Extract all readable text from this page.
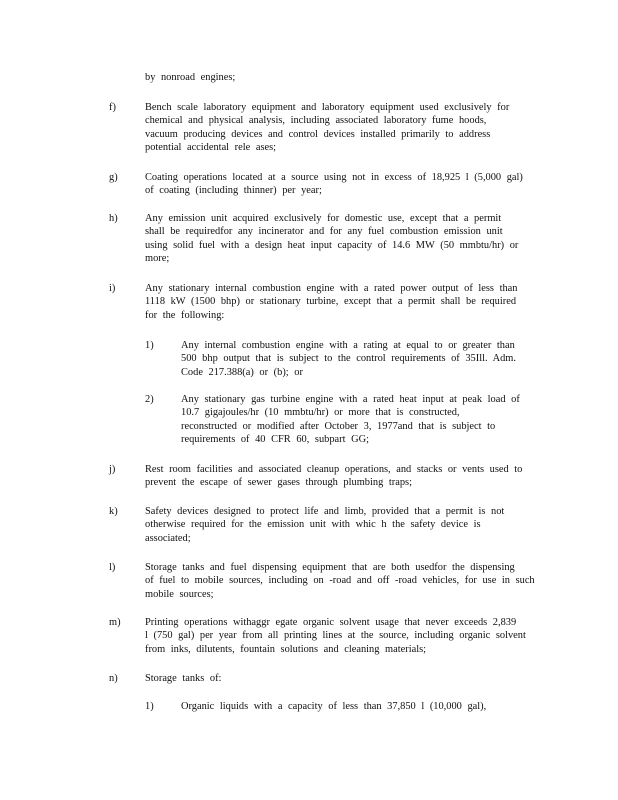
by nonroad engines;
f)	Bench scale laboratory equipment and laboratory equipment used exclusively for
chemical and physical analysis, including associated laboratory fume hoods,
vacuum producing devices and control devices installed primarily to address
potential accidental rele ases;
g)	Coating operations located at a source using not in excess of 18,925 l (5,000 gal)
of coating (including thinner) per year;
h)	Any emission unit acquired exclusively for domestic use, except that a permit
shall be requiredfor any incinerator and for any fuel combustion emission unit
using solid fuel with a design heat input capacity of 14.6 MW (50 mmbtu/hr) or
more;
i)	Any stationary internal combustion engine with a rated power output of less than
1118 kW (1500 bhp) or stationary turbine, except that a permit shall be required
for the following:
1)	Any internal combustion engine with a rating at equal to or greater than
500 bhp output that is subject to the control requirements of 35Ill. Adm.
Code 217.388(a) or (b); or
2)	Any stationary gas turbine engine with a rated heat input at peak load of
10.7 gigajoules/hr (10 mmbtu/hr) or more that is constructed,
reconstructed or modified after October 3, 1977and that is subject to
requirements of 40 CFR 60, subpart GG;
j)	Rest room facilities and associated cleanup operations, and stacks or vents used to
prevent the escape of sewer gases through plumbing traps;
k)	Safety devices designed to protect life and limb, provided that a permit is not
otherwise required for the emission unit with whic h the safety device is
associated;
l)	Storage tanks and fuel dispensing equipment that are both usedfor the dispensing
of fuel to mobile sources, including on -road and off -road vehicles, for use in such
mobile sources;
m) Printing operations withaggr egate organic solvent usage that never exceeds 2,839
l (750 gal) per year from all printing lines at the source, including organic solvent
from inks, dilutents, fountain solutions and cleaning materials;
n)	Storage tanks of:
1)	Organic liquids with a capacity of less than 37,850 l (10,000 gal),
